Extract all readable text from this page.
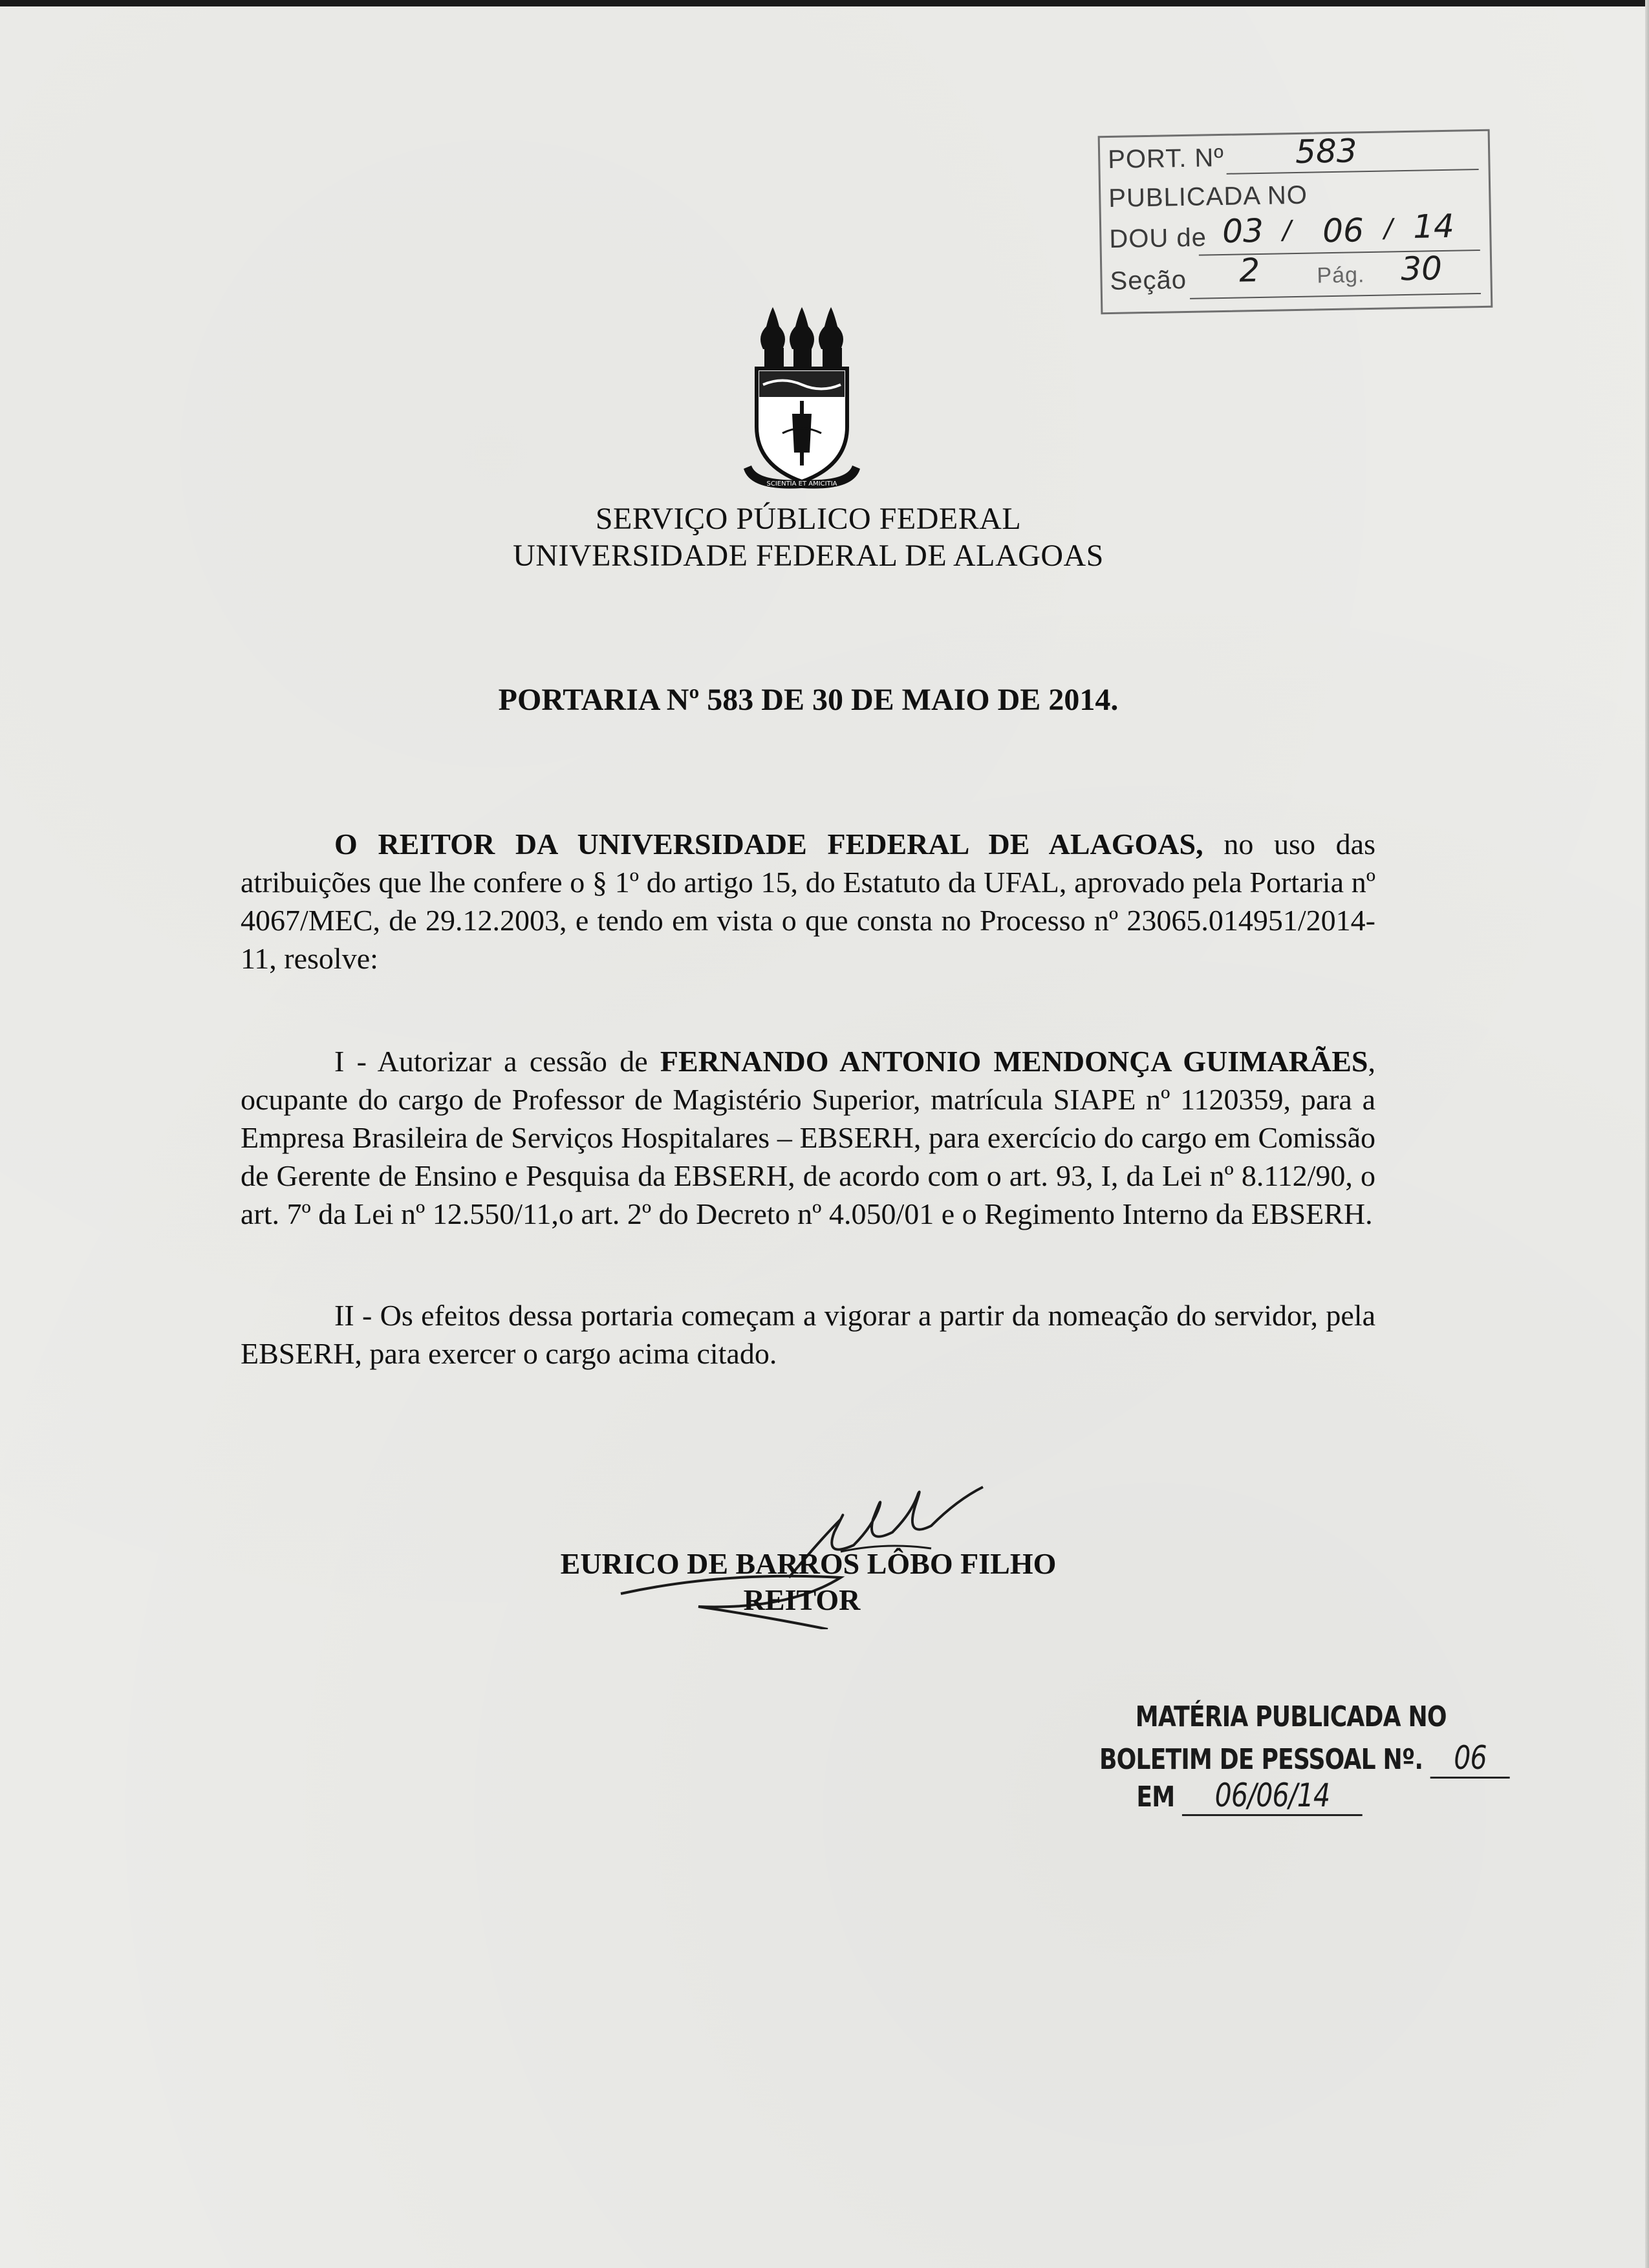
PORT. Nº 583
PUBLICADA NO
DOU de 03 / 06 / 14
Seção 2	Pág. 30
SCIENTIA ET AMICITIA
SERVIÇO PÚBLICO FEDERAL
UNIVERSIDADE FEDERAL DE ALAGOAS
PORTARIA Nº 583 DE 30 DE MAIO DE 2014.
O REITOR DA UNIVERSIDADE FEDERAL DE ALAGOAS, no uso das atribuições que lhe confere o § 1º do artigo 15, do Estatuto da UFAL, aprovado pela Portaria nº 4067/MEC, de 29.12.2003, e tendo em vista o que consta no Processo nº 23065.014951/2014-11, resolve:
I - Autorizar a cessão de FERNANDO ANTONIO MENDONÇA GUIMARÃES, ocupante do cargo de Professor de Magistério Superior, matrícula SIAPE nº 1120359, para a Empresa Brasileira de Serviços Hospitalares – EBSERH, para exercício do cargo em Comissão de Gerente de Ensino e Pesquisa da EBSERH, de acordo com o art. 93, I, da Lei nº 8.112/90, o art. 7º da Lei nº 12.550/11,o art. 2º do Decreto nº 4.050/01 e o Regimento Interno da EBSERH.
II - Os efeitos dessa portaria começam a vigorar a partir da nomeação do servidor, pela EBSERH, para exercer o cargo acima citado.
EURICO DE BARROS LÔBO FILHO
REITOR
MATÉRIA PUBLICADA NO
BOLETIM DE PESSOAL Nº. 06
EM 06/06/14
